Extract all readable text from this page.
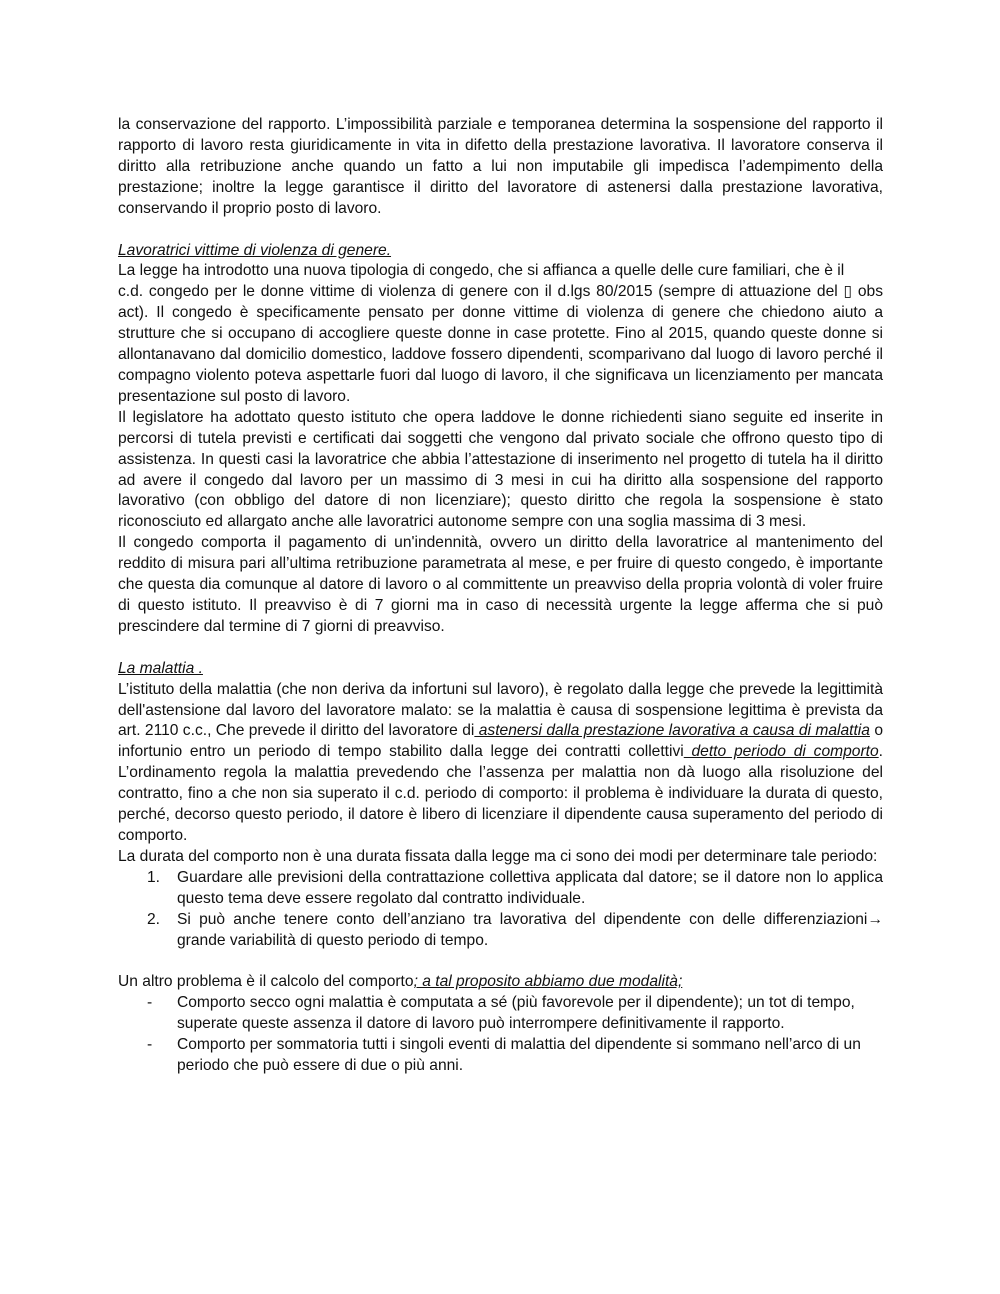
la conservazione del rapporto. L’impossibilità parziale e temporanea determina la sospensione del rapporto il rapporto di lavoro resta giuridicamente in vita in difetto della prestazione lavorativa. Il lavoratore conserva il diritto alla retribuzione anche quando un fatto a lui non imputabile gli impedisca l’adempimento della prestazione; inoltre la legge garantisce il diritto del lavoratore di astenersi dalla prestazione lavorativa, conservando il proprio posto di lavoro.

Lavoratrici vittime di violenza di genere.

La legge ha introdotto una nuova tipologia di congedo, che si affianca a quelle delle cure familiari, che è il

c.d. congedo per le donne vittime di violenza di genere con il d.lgs 80/2015 (sempre di attuazione del ▯ obs act). Il congedo è specificamente pensato per donne vittime di violenza di genere che chiedono aiuto a strutture che si occupano di accogliere queste donne in case protette. Fino al 2015, quando queste donne si allontanavano dal domicilio domestico, laddove fossero dipendenti, scomparivano dal luogo di lavoro perché il compagno violento poteva aspettarle fuori dal luogo di lavoro, il che significava un licenziamento per mancata presentazione sul posto di lavoro.

Il legislatore ha adottato questo istituto che opera laddove le donne richiedenti siano seguite ed inserite in percorsi di tutela previsti e certificati dai soggetti che vengono dal privato sociale che offrono questo tipo di assistenza. In questi casi la lavoratrice che abbia l’attestazione di inserimento nel progetto di tutela ha il diritto ad avere il congedo dal lavoro per un massimo di 3 mesi in cui ha diritto alla sospensione del rapporto lavorativo (con obbligo del datore di non licenziare); questo diritto che regola la sospensione è stato riconosciuto ed allargato anche alle lavoratrici autonome sempre con una soglia massima di 3 mesi.

Il congedo comporta il pagamento di un'indennità, ovvero un diritto della lavoratrice al mantenimento del reddito di misura pari all’ultima retribuzione parametrata al mese, e per fruire di questo congedo, è importante che questa dia comunque al datore di lavoro o al committente un preavviso della propria volontà di voler fruire di questo istituto. Il preavviso è di 7 giorni ma in caso di necessità urgente la legge afferma che si può prescindere dal termine di 7 giorni di preavviso.

La malattia .

L’istituto della malattia (che non deriva da infortuni sul lavoro), è regolato dalla legge che prevede la legittimità dell'astensione dal lavoro del lavoratore malato: se la malattia è causa di sospensione legittima è prevista da art. 2110 c.c., Che prevede il diritto del lavoratore di astenersi dalla prestazione lavorativa a causa di malattia o infortunio entro un periodo di tempo stabilito dalla legge dei contratti collettivi detto periodo di comporto. L’ordinamento regola la malattia prevedendo che l’assenza per malattia non dà luogo alla risoluzione del contratto, fino a che non sia superato il c.d. periodo di comporto: il problema è individuare la durata di questo, perché, decorso questo periodo, il datore è libero di licenziare il dipendente causa superamento del periodo di comporto.

La durata del comporto non è una durata fissata dalla legge ma ci sono dei modi per determinare tale periodo:

1. Guardare alle previsioni della contrattazione collettiva applicata dal datore; se il datore non lo applica questo tema deve essere regolato dal contratto individuale.
2. Si può anche tenere conto dell’anziano tra lavorativa del dipendente con delle differenziazioni→ grande variabilità di questo periodo di tempo.

Un altro problema è il calcolo del comporto; a tal proposito abbiamo due modalità;

- Comporto secco ogni malattia è computata a sé (più favorevole per il dipendente); un tot di tempo, superate queste assenza il datore di lavoro può interrompere definitivamente il rapporto.
- Comporto per sommatoria tutti i singoli eventi di malattia del dipendente si sommano nell’arco di un periodo che può essere di due o più anni.
